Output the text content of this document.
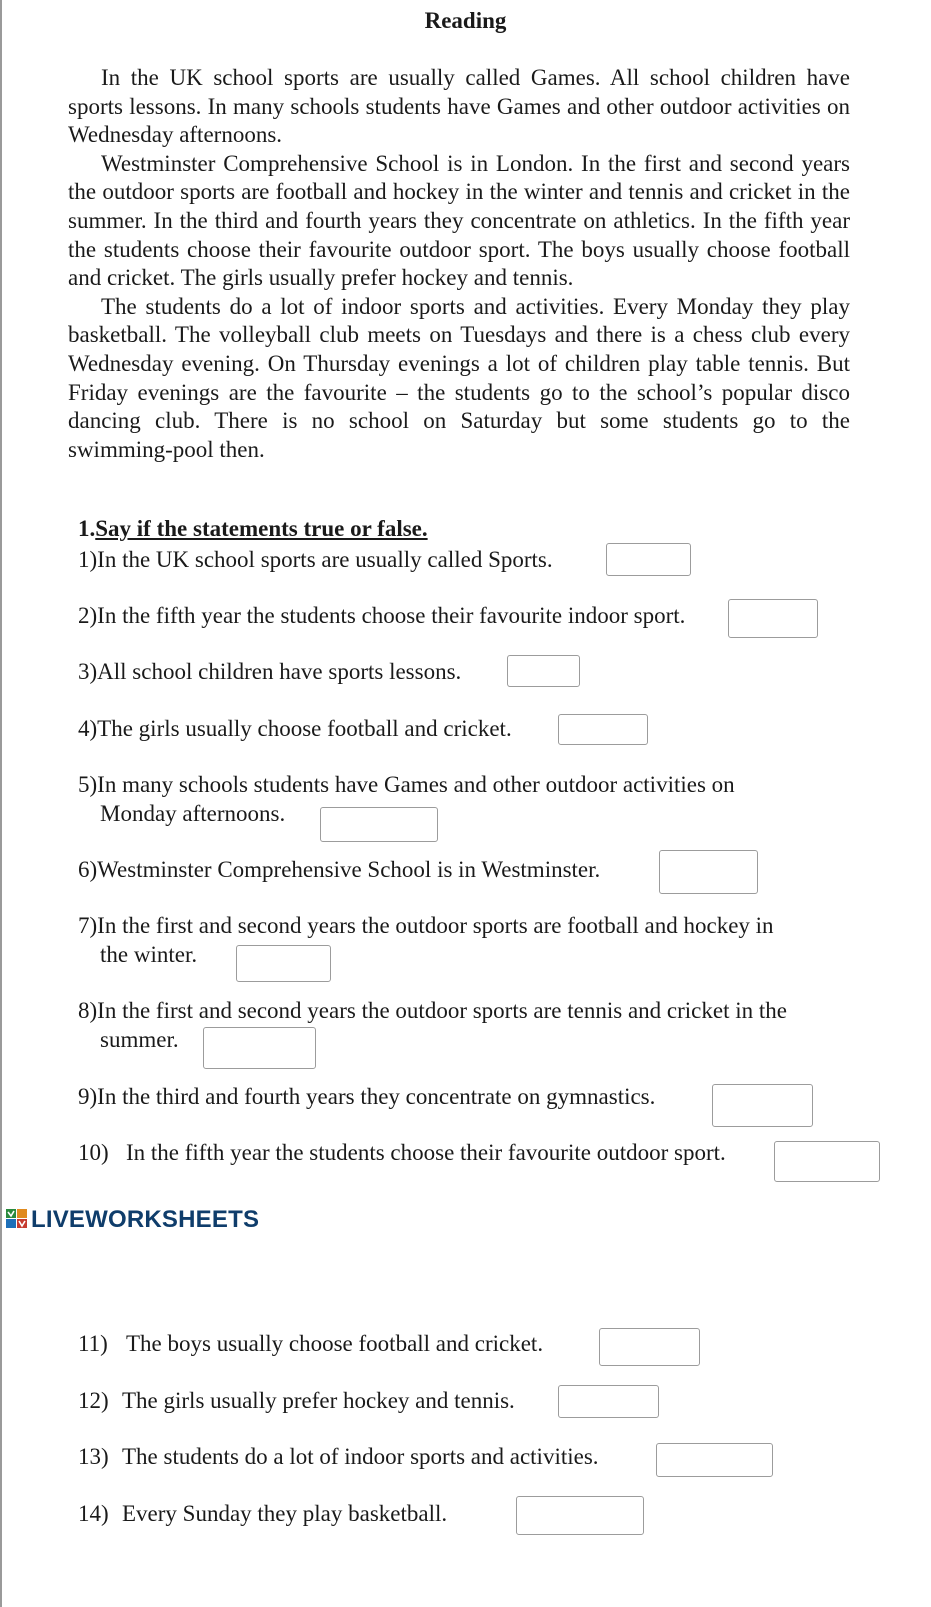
Reading

In the UK school sports are usually called Games. All school children have sports lessons. In many schools students have Games and other outdoor activities on Wednesday afternoons.

Westminster Comprehensive School is in London. In the first and second years the outdoor sports are football and hockey in the winter and tennis and cricket in the summer. In the third and fourth years they concentrate on athletics. In the fifth year the students choose their favourite outdoor sport. The boys usually choose football and cricket. The girls usually prefer hockey and tennis.

The students do a lot of indoor sports and activities. Every Monday they play basketball. The volleyball club meets on Tuesdays and there is a chess club every Wednesday evening. On Thursday evenings a lot of children play table tennis. But Friday evenings are the favourite – the students go to the school’s popular disco dancing club. There is no school on Saturday but some students go to the swimming-pool then.

1.Say if the statements true or false.
1)In the UK school sports are usually called Sports.
2)In the fifth year the students choose their favourite indoor sport.
3)All school children have sports lessons.
4)The girls usually choose football and cricket.
5)In many schools students have Games and other outdoor activities on
Monday afternoons.
6)Westminster Comprehensive School is in Westminster.
7)In the first and second years the outdoor sports are football and hockey in
the winter.
8)In the first and second years the outdoor sports are tennis and cricket in the
summer.
9)In the third and fourth years they concentrate on gymnastics.
10) In the fifth year the students choose their favourite outdoor sport.
LIVEWORKSHEETS
11) The boys usually choose football and cricket.
12) The girls usually prefer hockey and tennis.
13) The students do a lot of indoor sports and activities.
14) Every Sunday they play basketball.
